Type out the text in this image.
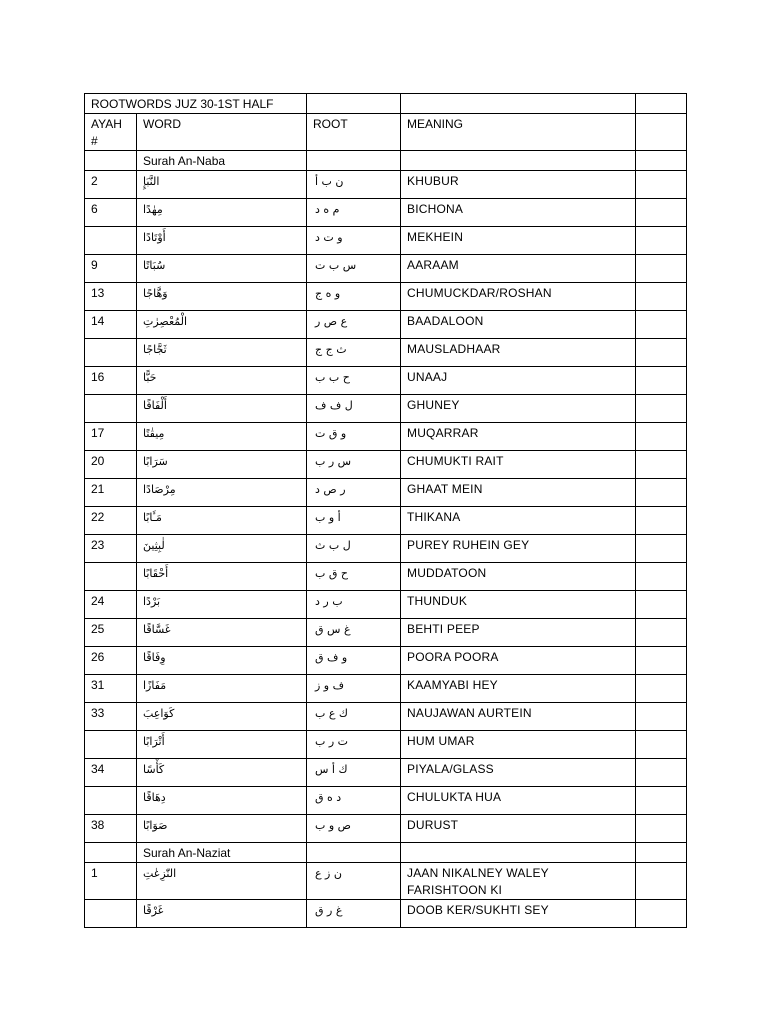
ROOTWORDS JUZ 30-1ST HALF				
AYAH #	WORD	ROOT	MEANING	
	Surah An-Naba			
2	النَّبَإِ	ن ب أ	KHUBUR	
6	مِهٰدًا	م ه د	BICHONA	
	أَوْتَادًا	و ت د	MEKHEIN	
9	سُبَاتًا	س ب ت	AARAAM	
13	وَهَّاجًا	و ه ج	CHUMUCKDAR/ROSHAN	
14	الْمُعْصِرٰتِ	ع ص ر	BAADALOON	
	ثَجَّاجًا	ث ج ج	MAUSLADHAAR	
16	حَبًّا	ح ب ب	UNAAJ	
	أَلْفَافًا	ل ف ف	GHUNEY	
17	مِيقٰتًا	و ق ت	MUQARRAR	
20	سَرَابًا	س ر ب	CHUMUKTI RAIT	
21	مِرْصَادًا	ر ص د	GHAAT MEIN	
22	مَـَٔابًا	أ و ب	THIKANA	
23	لٰبِثِينَ	ل ب ث	PUREY RUHEIN GEY	
	أَحْقَابًا	ح ق ب	MUDDATOON	
24	بَرْدًا	ب ر د	THUNDUK	
25	غَسَّاقًا	غ س ق	BEHTI PEEP	
26	وِفَاقًا	و ف ق	POORA POORA	
31	مَفَازًا	ف و ز	KAAMYABI HEY	
33	كَوَاعِبَ	ك ع ب	NAUJAWAN AURTEIN	
	أَتْرَابًا	ت ر ب	HUM UMAR	
34	كَأْسًا	ك أ س	PIYALA/GLASS	
	دِهَاقًا	د ه ق	CHULUKTA HUA	
38	صَوَابًا	ص و ب	DURUST	
	Surah An-Naziat			
1	النّٰزِعٰتِ	ن ز ع	JAAN NIKALNEY WALEY FARISHTOON KI	
	غَرْقًا	غ ر ق	DOOB KER/SUKHTI SEY	
